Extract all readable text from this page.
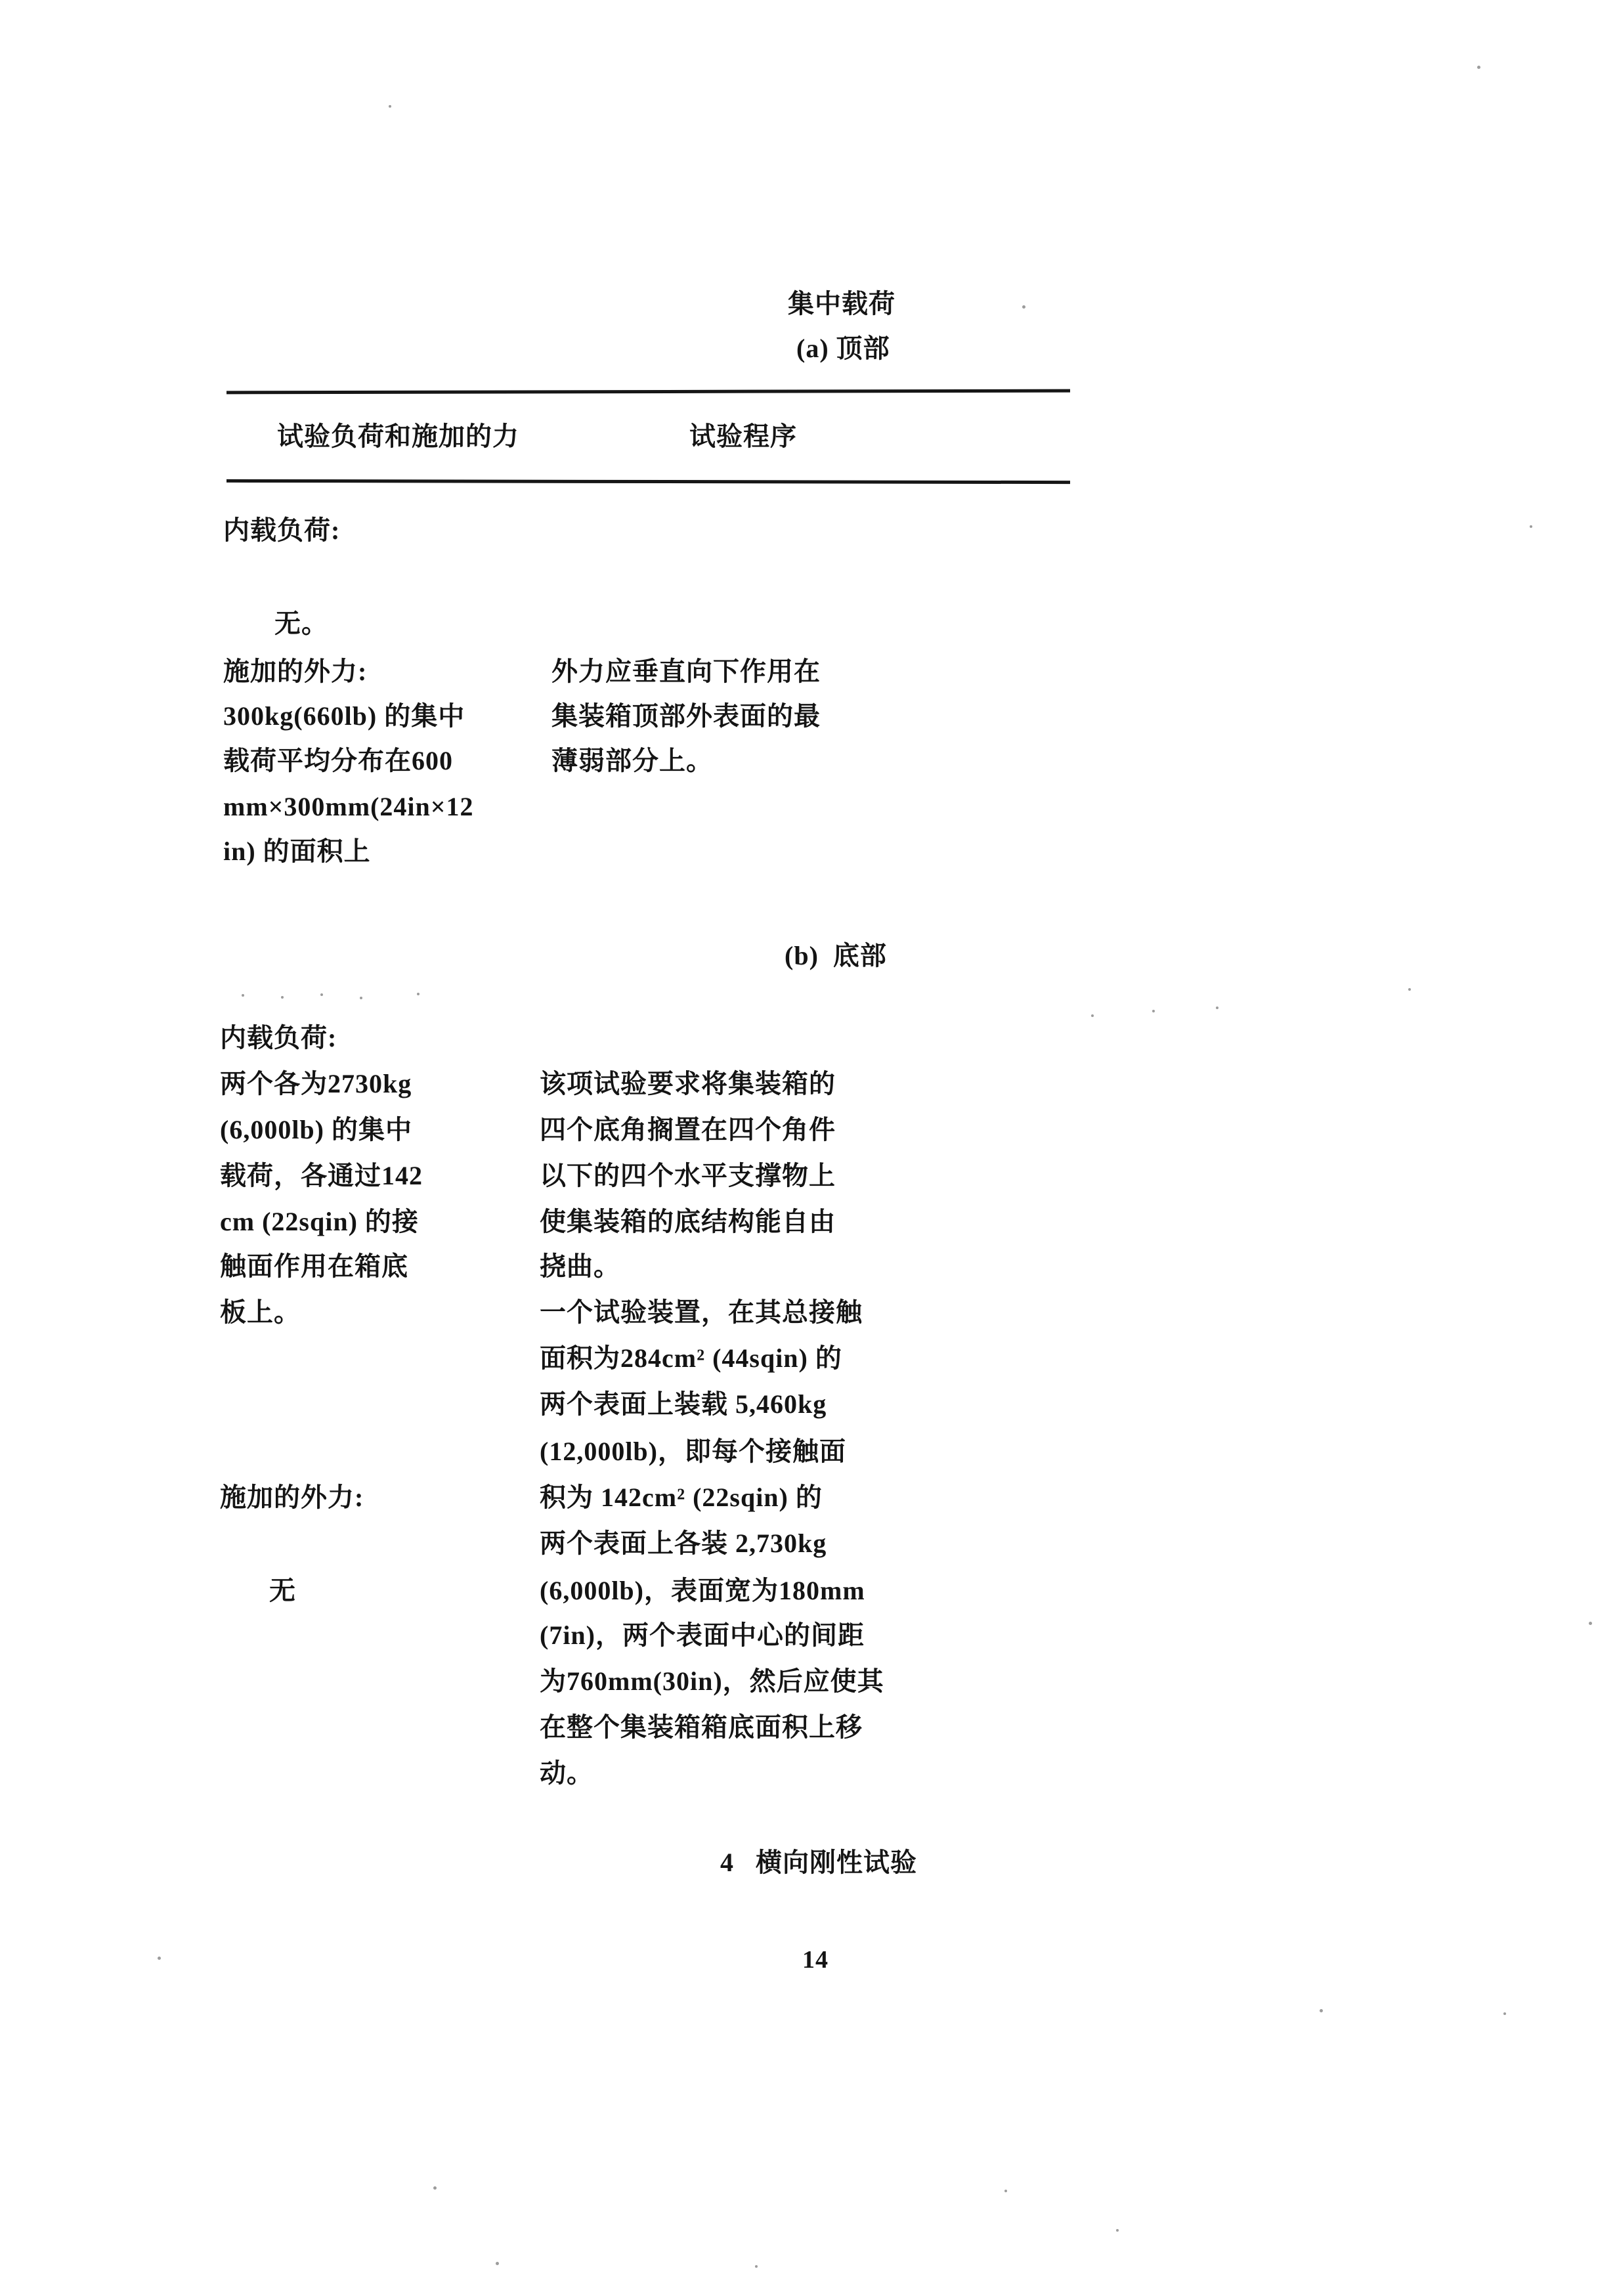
集中载荷
(a) 顶部
试验负荷和施加的力	试验程序
内载负荷:
无。
施加的外力:
300kg(660lb) 的集中
载荷平均分布在600
mm×300mm(24in×12
in) 的面积上
外力应垂直向下作用在
集装箱顶部外表面的最
薄弱部分上。
(b)  底部
内载负荷:
两个各为2730kg
(6,000lb) 的集中
载荷，各通过142
cm (22sqin) 的接
触面作用在箱底
板上。
施加的外力:
无
该项试验要求将集装箱的
四个底角搁置在四个角件
以下的四个水平支撑物上
使集装箱的底结构能自由
挠曲。
一个试验装置，在其总接触
面积为284cm² (44sqin) 的
两个表面上装载 5,460kg
(12,000lb)，即每个接触面
积为 142cm² (22sqin) 的
两个表面上各装 2,730kg
(6,000lb)，表面宽为180mm
(7in)，两个表面中心的间距
为760mm(30in)，然后应使其
在整个集装箱箱底面积上移
动。
4   横向刚性试验
14
